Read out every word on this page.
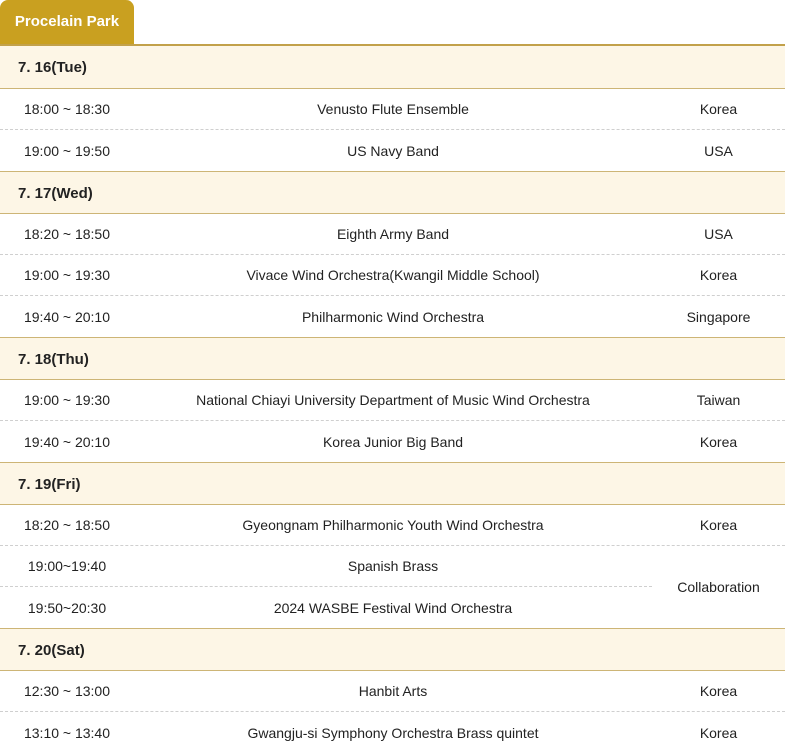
Procelain Park
7. 16(Tue)
18:00 ~ 18:30	Venusto Flute Ensemble	Korea
19:00 ~ 19:50	US Navy Band	USA
7. 17(Wed)
18:20 ~ 18:50	Eighth Army Band	USA
19:00 ~ 19:30	Vivace Wind Orchestra(Kwangil Middle School)	Korea
19:40 ~ 20:10	Philharmonic Wind Orchestra	Singapore
7. 18(Thu)
19:00 ~ 19:30	National Chiayi University Department of Music Wind Orchestra	Taiwan
19:40 ~ 20:10	Korea Junior Big Band	Korea
7. 19(Fri)
18:20 ~ 18:50	Gyeongnam Philharmonic Youth Wind Orchestra	Korea
19:00~19:40	Spanish Brass
19:50~20:30	2024 WASBE Festival Wind Orchestra
Collaboration
7. 20(Sat)
12:30 ~ 13:00	Hanbit Arts	Korea
13:10 ~ 13:40	Gwangju-si Symphony Orchestra Brass quintet	Korea
